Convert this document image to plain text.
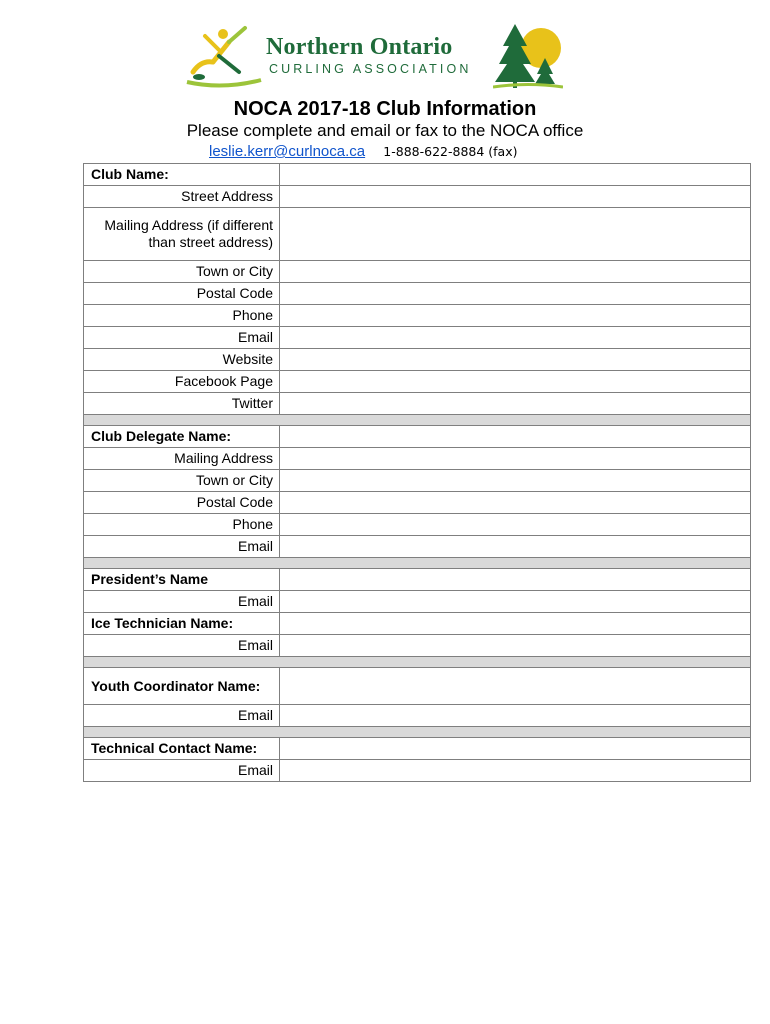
Northern Ontario
CURLING ASSOCIATION
NOCA 2017-18 Club Information
Please complete and email or fax to the NOCA office
leslie.kerr@curlnoca.ca 1-888-622-8884 (fax)
Club Name:	
Street Address	
Mailing Address (if different than street address)	
Town or City	
Postal Code	
Phone	
Email	
Website	
Facebook Page	
Twitter	

Club Delegate Name:	
Mailing Address	
Town or City	
Postal Code	
Phone	
Email	

President’s Name	
Email	
Ice Technician Name:	
Email	

Youth Coordinator Name:	
Email	

Technical Contact Name:	
Email	
